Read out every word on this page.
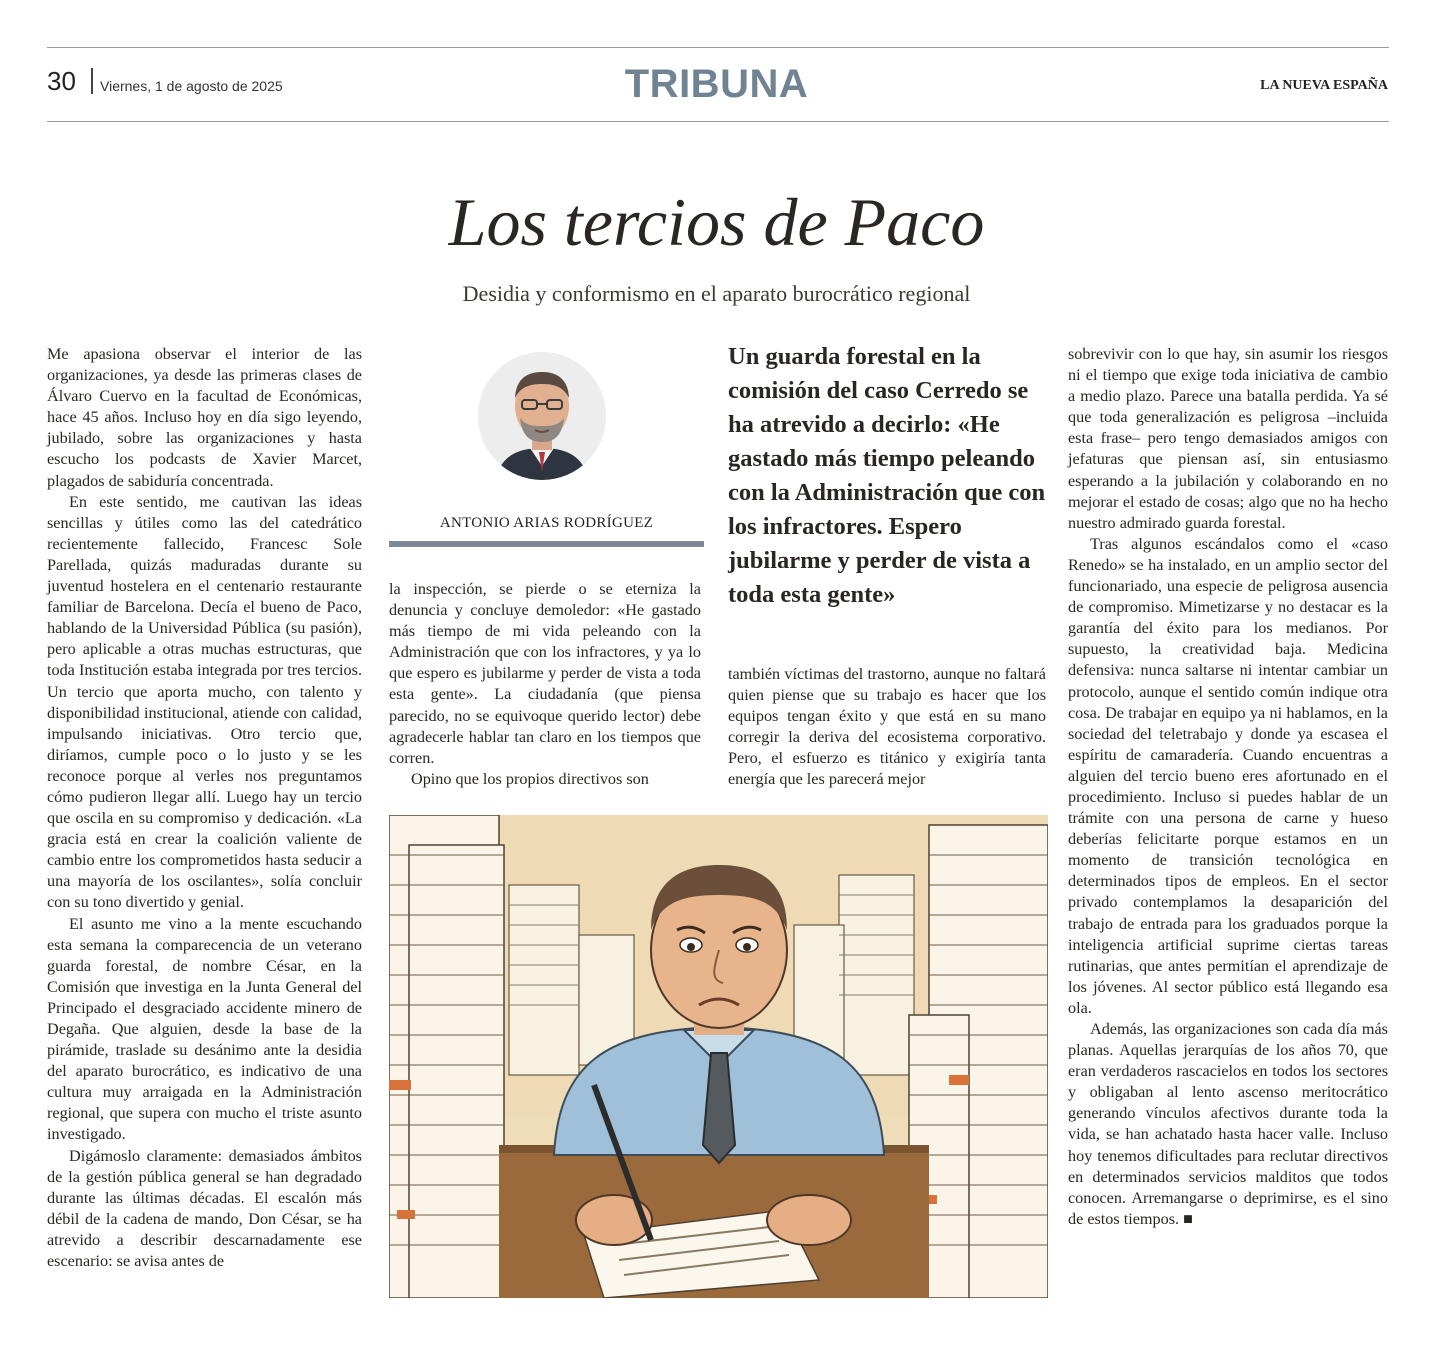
30 Viernes, 1 de agosto de 2025	TRIBUNA	LA NUEVA ESPAÑA
Los tercios de Paco
Desidia y conformismo en el aparato burocrático regional

Me apasiona observar el interior de las organizaciones, ya desde las primeras clases de Álvaro Cuervo en la facultad de Económicas, hace 45 años. Incluso hoy en día sigo leyendo, jubilado, sobre las organizaciones y hasta escucho los podcasts de Xavier Marcet, plagados de sabiduría concentrada.

En este sentido, me cautivan las ideas sencillas y útiles como las del catedrático recientemente fallecido, Francesc Sole Parellada, quizás maduradas durante su juventud hostelera en el centenario restaurante familiar de Barcelona. Decía el bueno de Paco, hablando de la Universidad Pública (su pasión), pero aplicable a otras muchas estructuras, que toda Institución estaba integrada por tres tercios. Un tercio que aporta mucho, con talento y disponibilidad institucional, atiende con calidad, impulsando iniciativas. Otro tercio que, diríamos, cumple poco o lo justo y se les reconoce porque al verles nos preguntamos cómo pudieron llegar allí. Luego hay un tercio que oscila en su compromiso y dedicación. «La gracia está en crear la coalición valiente de cambio entre los comprometidos hasta seducir a una mayoría de los oscilantes», solía concluir con su tono divertido y genial.

El asunto me vino a la mente escuchando esta semana la comparecencia de un veterano guarda forestal, de nombre César, en la Comisión que investiga en la Junta General del Principado el desgraciado accidente minero de Degaña. Que alguien, desde la base de la pirámide, traslade su desánimo ante la desidia del aparato burocrático, es indicativo de una cultura muy arraigada en la Administración regional, que supera con mucho el triste asunto investigado.

Digámoslo claramente: demasiados ámbitos de la gestión pública general se han degradado durante las últimas décadas. El escalón más débil de la cadena de mando, Don César, se ha atrevido a describir descarnadamente ese escenario: se avisa antes de

ANTONIO ARIAS RODRÍGUEZ

la inspección, se pierde o se eterniza la denuncia y concluye demoledor: «He gastado más tiempo de mi vida peleando con la Administración que con los infractores, y ya lo que espero es jubilarme y perder de vista a toda esta gente». La ciudadanía (que piensa parecido, no se equivoque querido lector) debe agradecerle hablar tan claro en los tiempos que corren.

Opino que los propios directivos son

Un guarda forestal en la comisión del caso Cerredo se ha atrevido a decirlo: «He gastado más tiempo peleando con la Administración que con los infractores. Espero jubilarme y perder de vista a toda esta gente»

también víctimas del trastorno, aunque no faltará quien piense que su trabajo es hacer que los equipos tengan éxito y que está en su mano corregir la deriva del ecosistema corporativo. Pero, el esfuerzo es titánico y exigiría tanta energía que les parecerá mejor

sobrevivir con lo que hay, sin asumir los riesgos ni el tiempo que exige toda iniciativa de cambio a medio plazo. Parece una batalla perdida. Ya sé que toda generalización es peligrosa –incluida esta frase– pero tengo demasiados amigos con jefaturas que piensan así, sin entusiasmo esperando a la jubilación y colaborando en no mejorar el estado de cosas; algo que no ha hecho nuestro admirado guarda forestal.

Tras algunos escándalos como el «caso Renedo» se ha instalado, en un amplio sector del funcionariado, una especie de peligrosa ausencia de compromiso. Mimetizarse y no destacar es la garantía del éxito para los medianos. Por supuesto, la creatividad baja. Medicina defensiva: nunca saltarse ni intentar cambiar un protocolo, aunque el sentido común indique otra cosa. De trabajar en equipo ya ni hablamos, en la sociedad del teletrabajo y donde ya escasea el espíritu de camaradería. Cuando encuentras a alguien del tercio bueno eres afortunado en el procedimiento. Incluso si puedes hablar de un trámite con una persona de carne y hueso deberías felicitarte porque estamos en un momento de transición tecnológica en determinados tipos de empleos. En el sector privado contemplamos la desaparición del trabajo de entrada para los graduados porque la inteligencia artificial suprime ciertas tareas rutinarias, que antes permitían el aprendizaje de los jóvenes. Al sector público está llegando esa ola.

Además, las organizaciones son cada día más planas. Aquellas jerarquías de los años 70, que eran verdaderos rascacielos en todos los sectores y obligaban al lento ascenso meritocrático generando vínculos afectivos durante toda la vida, se han achatado hasta hacer valle. Incluso hoy tenemos dificultades para reclutar directivos en determinados servicios malditos que todos conocen. Arremangarse o deprimirse, es el sino de estos tiempos. ■
